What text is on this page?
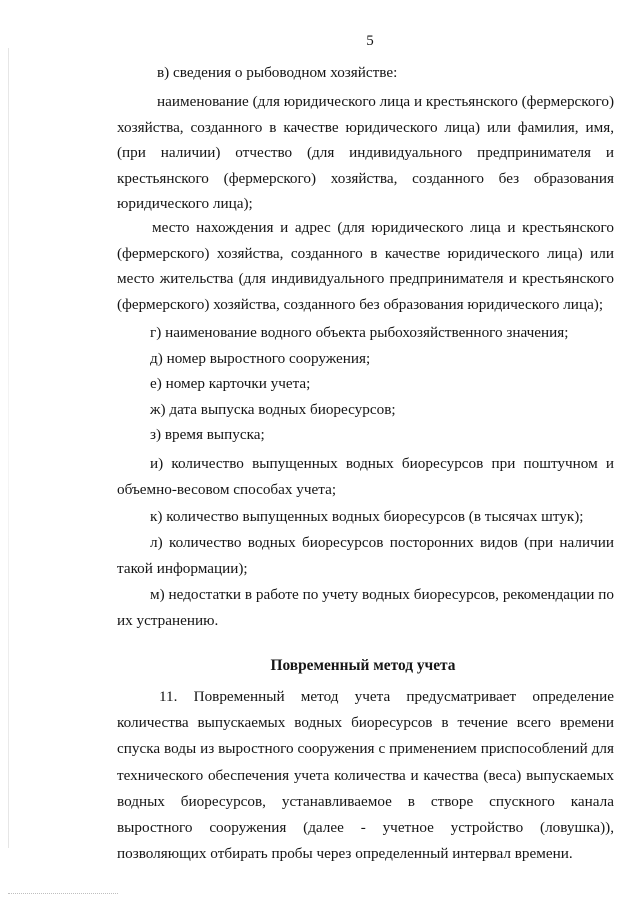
5

в) сведения о рыбоводном хозяйстве:

наименование (для юридического лица и крестьянского (фермерского) хозяйства, созданного в качестве юридического лица) или фамилия, имя, (при наличии) отчество (для индивидуального предпринимателя и крестьянского (фермерского) хозяйства, созданного без образования юридического лица);

место нахождения и адрес (для юридического лица и крестьянского (фермерского) хозяйства, созданного в качестве юридического лица) или место жительства (для индивидуального предпринимателя и крестьянского (фермерского) хозяйства, созданного без образования юридического лица);

г) наименование водного объекта рыбохозяйственного значения;

д) номер выростного сооружения;

е) номер карточки учета;

ж) дата выпуска водных биоресурсов;

з) время выпуска;

и) количество выпущенных водных биоресурсов при поштучном и объемно-весовом способах учета;

к) количество выпущенных водных биоресурсов (в тысячах штук);

л) количество водных биоресурсов посторонних видов (при наличии такой информации);

м) недостатки в работе по учету водных биоресурсов, рекомендации по их устранению.

Повременный метод учета

11. Повременный метод учета предусматривает определение количества выпускаемых водных биоресурсов в течение всего времени спуска воды из выростного сооружения с применением приспособлений для технического обеспечения учета количества и качества (веса) выпускаемых водных биоресурсов, устанавливаемое в створе спускного канала выростного сооружения (далее - учетное устройство (ловушка)), позволяющих отбирать пробы через определенный интервал времени.
